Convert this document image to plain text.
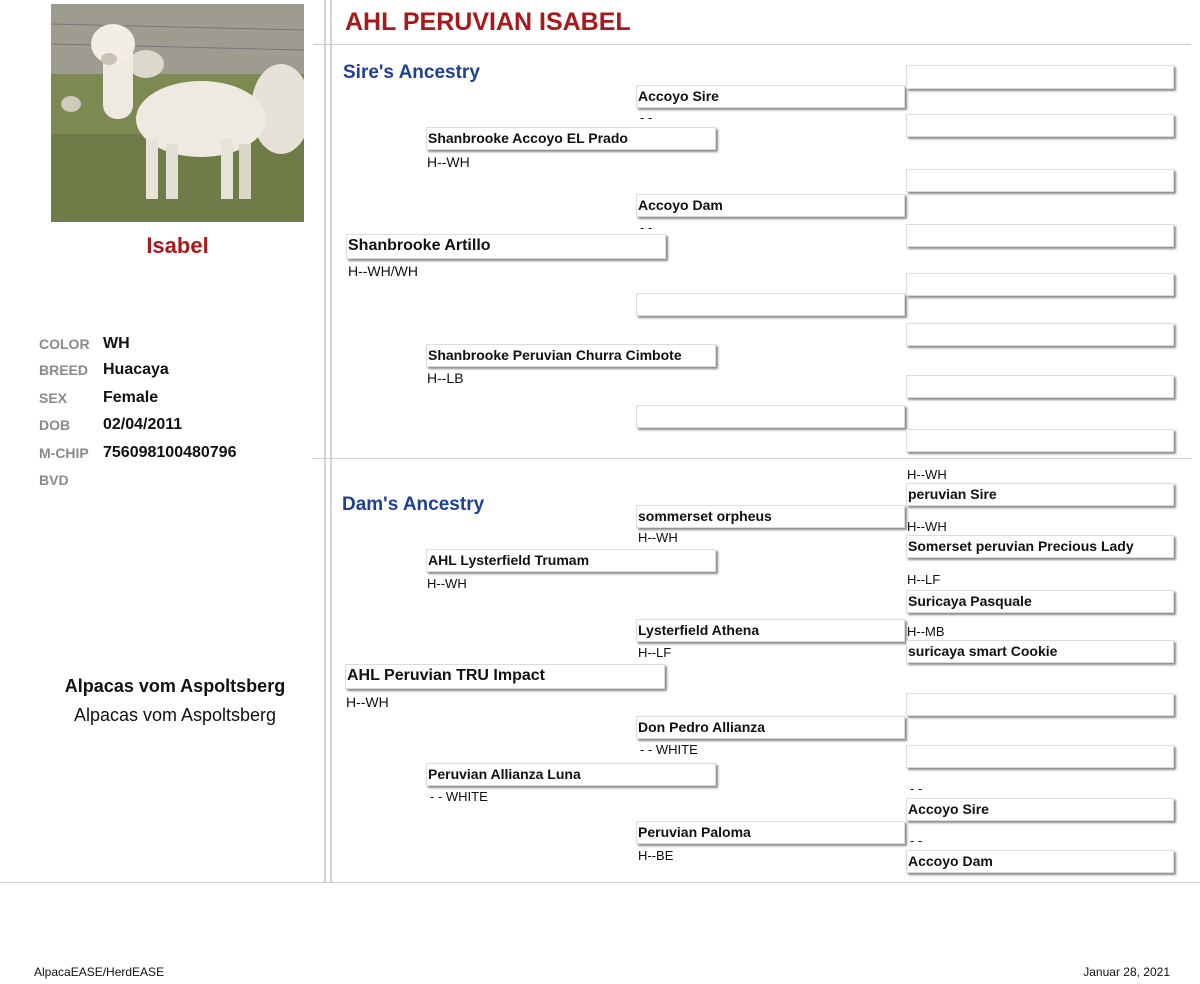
Isabel
COLOR WH
BREED Huacaya
SEX Female
DOB 02/04/2011
M-CHIP 756098100480796
BVD
Alpacas vom Aspoltsberg
Alpacas vom Aspoltsberg
AHL PERUVIAN ISABEL
Sire's Ancestry
Shanbrooke Artillo
H--WH/WH
Shanbrooke Accoyo EL Prado
H--WH
Shanbrooke Peruvian Churra Cimbote
H--LB
Accoyo Sire
- -
Accoyo Dam
- -
Dam's Ancestry
AHL Peruvian TRU Impact
H--WH
AHL Lysterfield Trumam
H--WH
Peruvian Allianza Luna
- - WHITE
sommerset orpheus
H--WH
Lysterfield Athena
H--LF
Don Pedro Allianza
- - WHITE
Peruvian Paloma
H--BE
H--WH
peruvian Sire
H--WH
Somerset peruvian Precious Lady
H--LF
Suricaya Pasquale
H--MB
suricaya smart Cookie
- -
Accoyo Sire
- -
Accoyo Dam
AlpacaEASE/HerdEASE	Januar 28, 2021
